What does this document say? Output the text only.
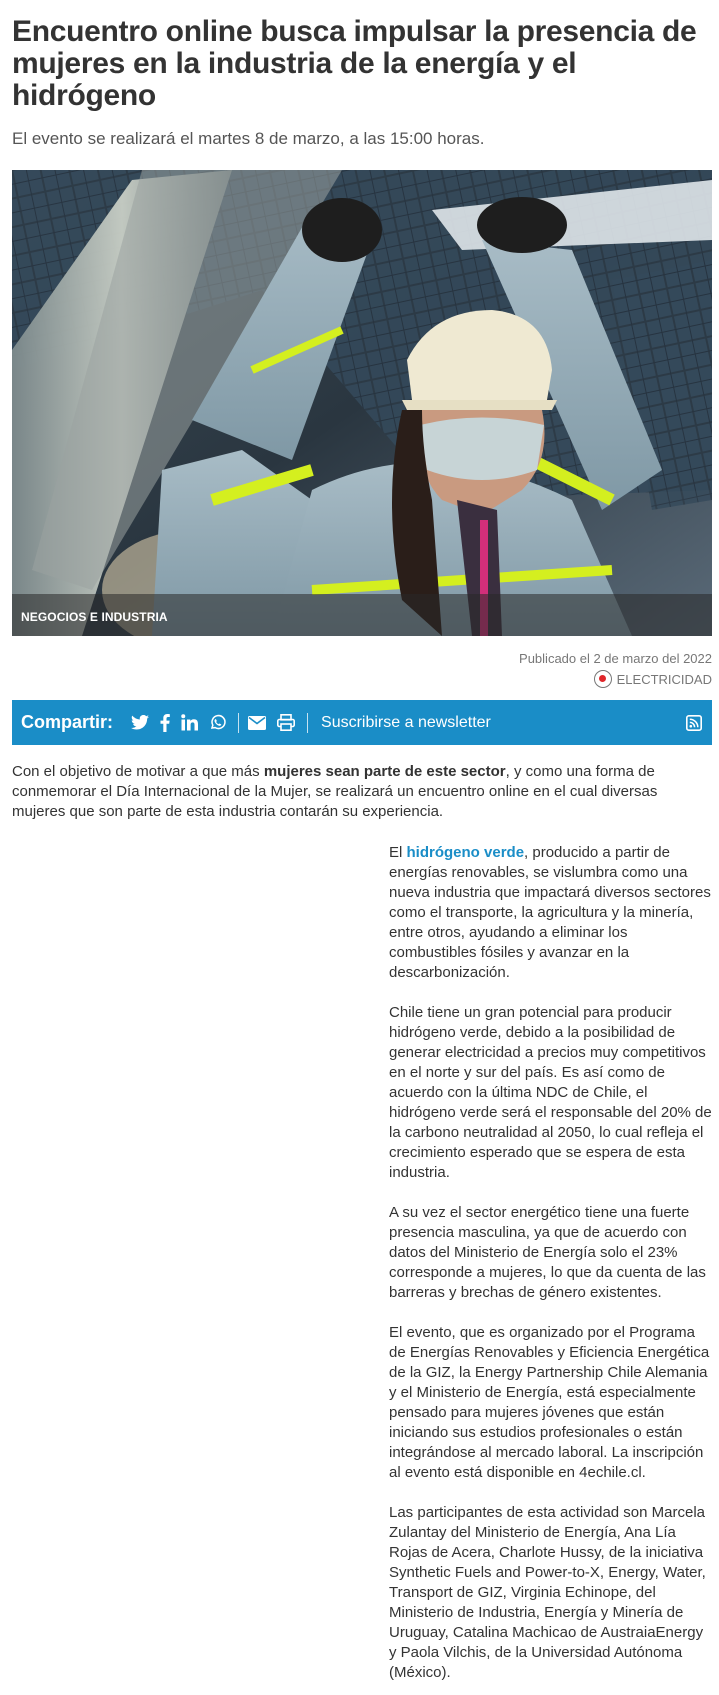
Encuentro online busca impulsar la presencia de mujeres en la industria de la energía y el hidrógeno
El evento se realizará el martes 8 de marzo, a las 15:00 horas.
NEGOCIOS E INDUSTRIA
Publicado el 2 de marzo del 2022
ELECTRICIDAD
Compartir:	Suscribirse a newsletter

Con el objetivo de motivar a que más mujeres sean parte de este sector, y como una forma de conmemorar el Día Internacional de la Mujer, se realizará un encuentro online en el cual diversas mujeres que son parte de esta industria contarán su experiencia.

El hidrógeno verde, producido a partir de energías renovables, se vislumbra como una nueva industria que impactará diversos sectores como el transporte, la agricultura y la minería, entre otros, ayudando a eliminar los combustibles fósiles y avanzar en la descarbonización.

Chile tiene un gran potencial para producir hidrógeno verde, debido a la posibilidad de generar electricidad a precios muy competitivos en el norte y sur del país. Es así como de acuerdo con la última NDC de Chile, el hidrógeno verde será el responsable del 20% de la carbono neutralidad al 2050, lo cual refleja el crecimiento esperado que se espera de esta industria.

A su vez el sector energético tiene una fuerte presencia masculina, ya que de acuerdo con datos del Ministerio de Energía solo el 23% corresponde a mujeres, lo que da cuenta de las barreras y brechas de género existentes.

El evento, que es organizado por el Programa de Energías Renovables y Eficiencia Energética de la GIZ, la Energy Partnership Chile Alemania y el Ministerio de Energía, está especialmente pensado para mujeres jóvenes que están iniciando sus estudios profesionales o están integrándose al mercado laboral. La inscripción al evento está disponible en 4echile.cl.

Las participantes de esta actividad son Marcela Zulantay del Ministerio de Energía, Ana Lía Rojas de Acera, Charlote Hussy, de la iniciativa Synthetic Fuels and Power-to-X, Energy, Water, Transport de GIZ, Virginia Echinope, del Ministerio de Industria, Energía y Minería de Uruguay, Catalina Machicao de AustraiaEnergy y Paola Vilchis, de la Universidad Autónoma (México).
